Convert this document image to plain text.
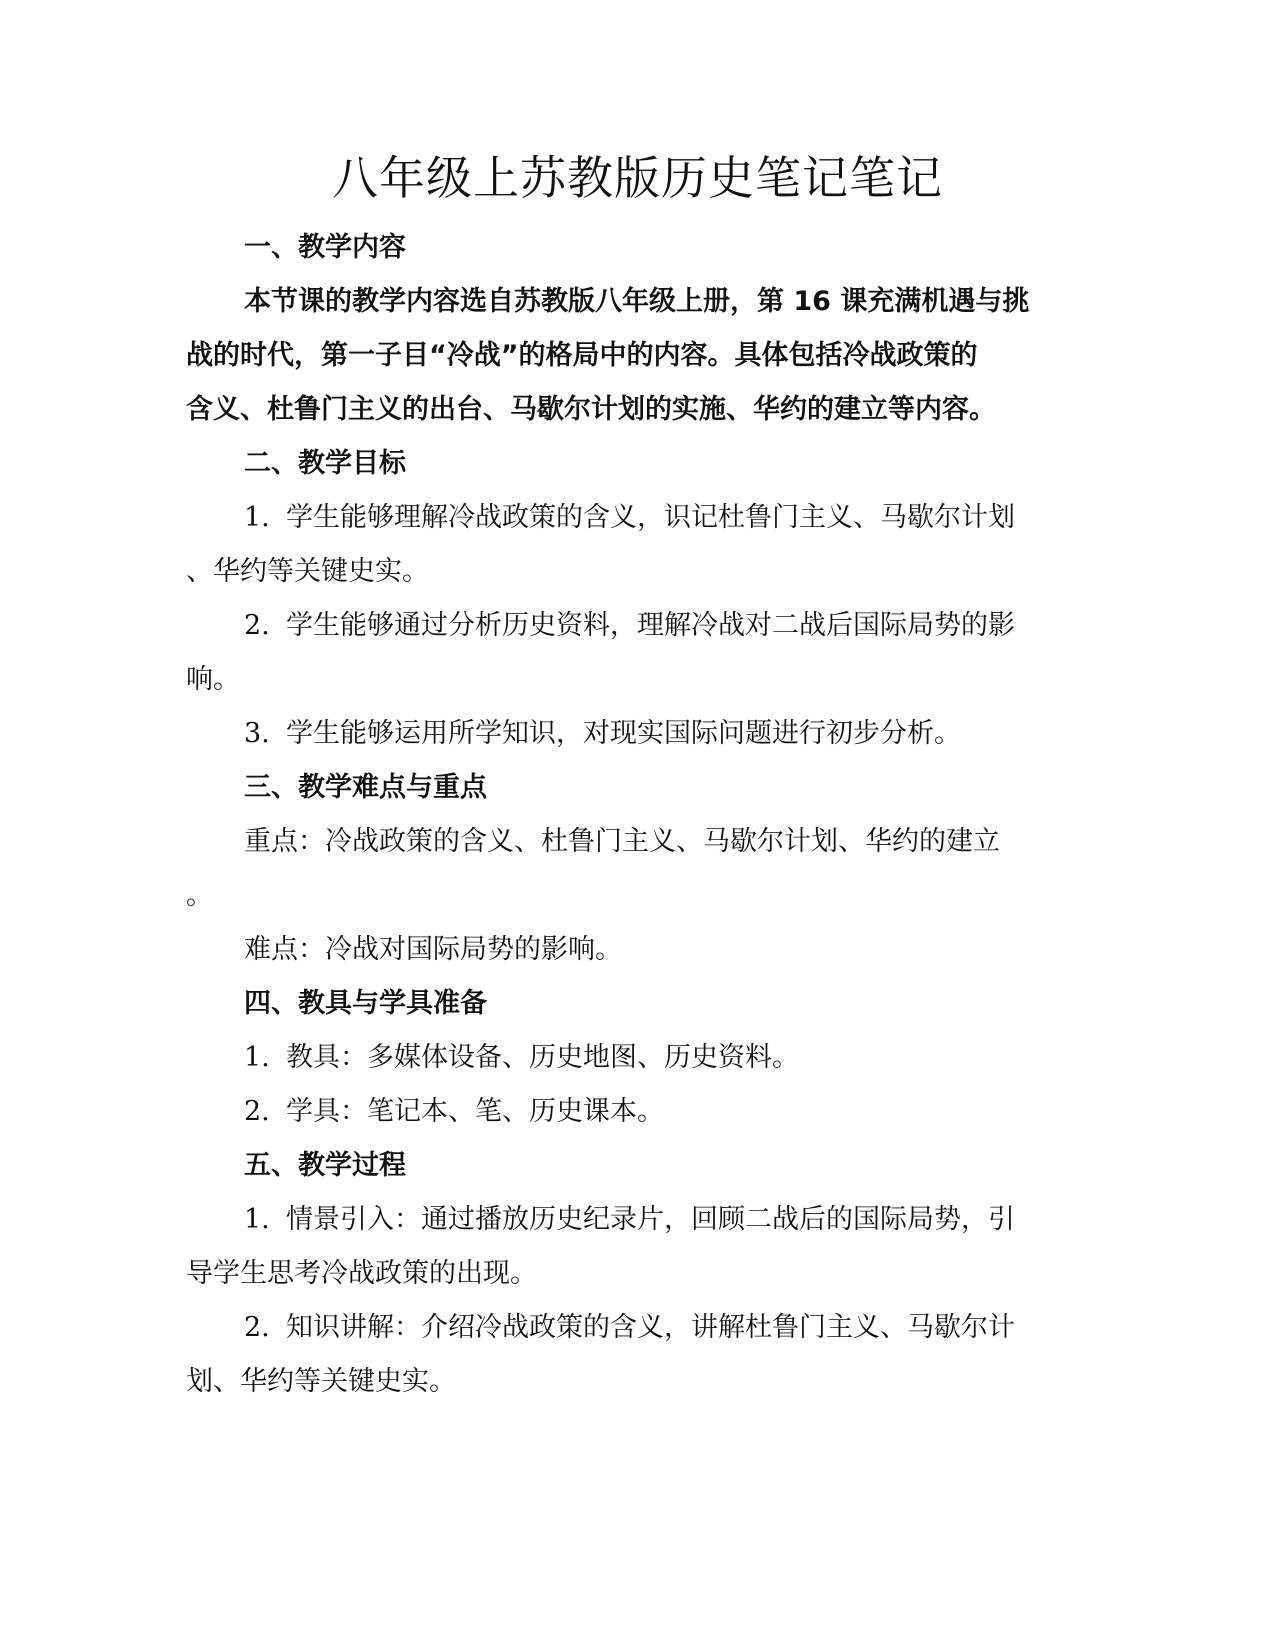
八年级上苏教版历史笔记笔记

一、教学内容

本节课的教学内容选自苏教版八年级上册，第 16 课充满机遇与挑

战的时代，第一子目“冷战”的格局中的内容。具体包括冷战政策的

含义、杜鲁门主义的出台、马歇尔计划的实施、华约的建立等内容。

二、教学目标

1. 学生能够理解冷战政策的含义，识记杜鲁门主义、马歇尔计划

、华约等关键史实。

2. 学生能够通过分析历史资料，理解冷战对二战后国际局势的影

响。

3. 学生能够运用所学知识，对现实国际问题进行初步分析。

三、教学难点与重点

重点：冷战政策的含义、杜鲁门主义、马歇尔计划、华约的建立

。

难点：冷战对国际局势的影响。

四、教具与学具准备

1. 教具：多媒体设备、历史地图、历史资料。

2. 学具：笔记本、笔、历史课本。

五、教学过程

1. 情景引入：通过播放历史纪录片，回顾二战后的国际局势，引

导学生思考冷战政策的出现。

2. 知识讲解：介绍冷战政策的含义，讲解杜鲁门主义、马歇尔计

划、华约等关键史实。
